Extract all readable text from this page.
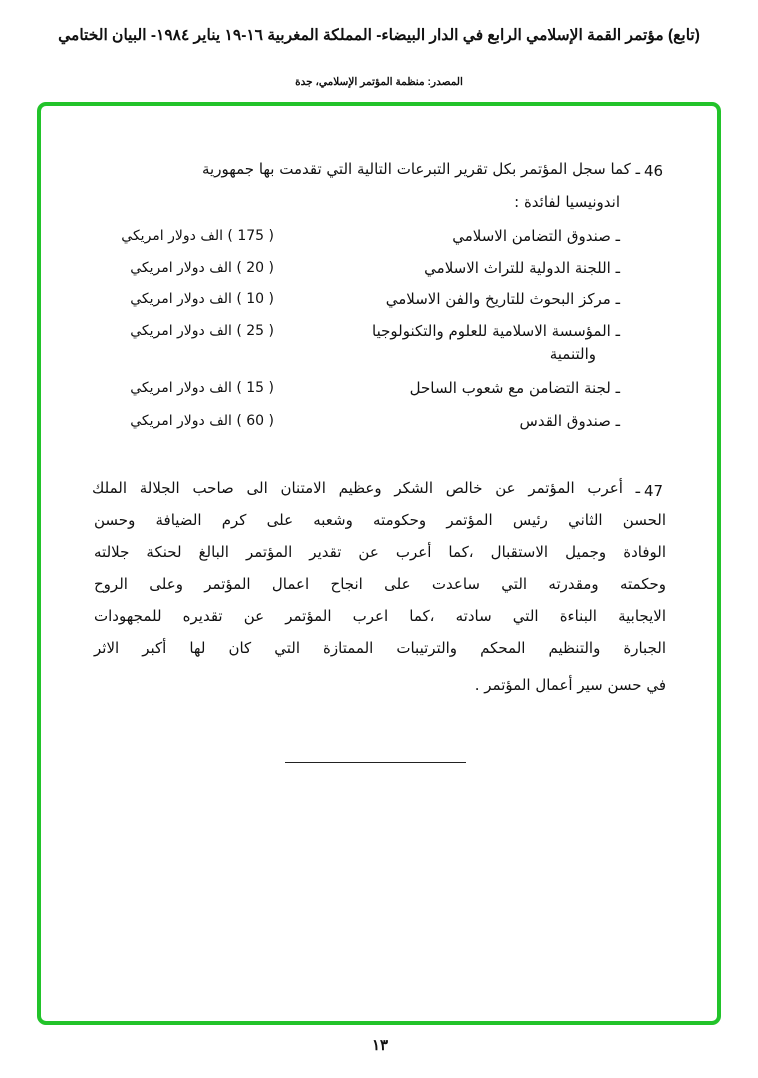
(تابع) مؤتمر القمة الإسلامي الرابع في الدار البيضاء- المملكة المغربية ١٦-١٩ يناير ١٩٨٤- البيان الختامي
المصدر: منظمة المؤتمر الإسلامي، جدة
46
ـ كما سجل المؤتمر بكل تقرير التبرعات التالية التي تقدمت بها جمهورية
اندونيسيا لفائدة :
ـ صندوق التضامن الاسلامي
( 175 ) الف دولار امريكي
ـ اللجنة الدولية للتراث الاسلامي
( 20 ) الف دولار امريكي
ـ مركز البحوث للتاريخ والفن الاسلامي
( 10 ) الف دولار امريكي
ـ المؤسسة الاسلامية للعلوم والتكنولوجيا
والتنمية
( 25 ) الف دولار امريكي
ـ لجنة التضامن مع شعوب الساحل
( 15 ) الف دولار امريكي
ـ صندوق القدس
( 60 ) الف دولار امريكي
47
ـ أعرب المؤتمر عن خالص الشكر وعظيم الامتنان الى صاحب الجلالة الملك
الحسن الثاني رئيس المؤتمر وحكومته وشعبه على كرم الضيافة وحسن
الوفادة وجميل الاستقبال ،كما أعرب عن تقدير المؤتمر البالغ لحنكة جلالته
وحكمته ومقدرته التي ساعدت على انجاح اعمال المؤتمر وعلى الروح
الايجابية البناءة التي سادته ،كما اعرب المؤتمر عن تقديره للمجهودات
الجبارة والتنظيم المحكم والترتيبات الممتازة التي كان لها أكبر الاثر
في حسن سير أعمال المؤتمر .
١٣
